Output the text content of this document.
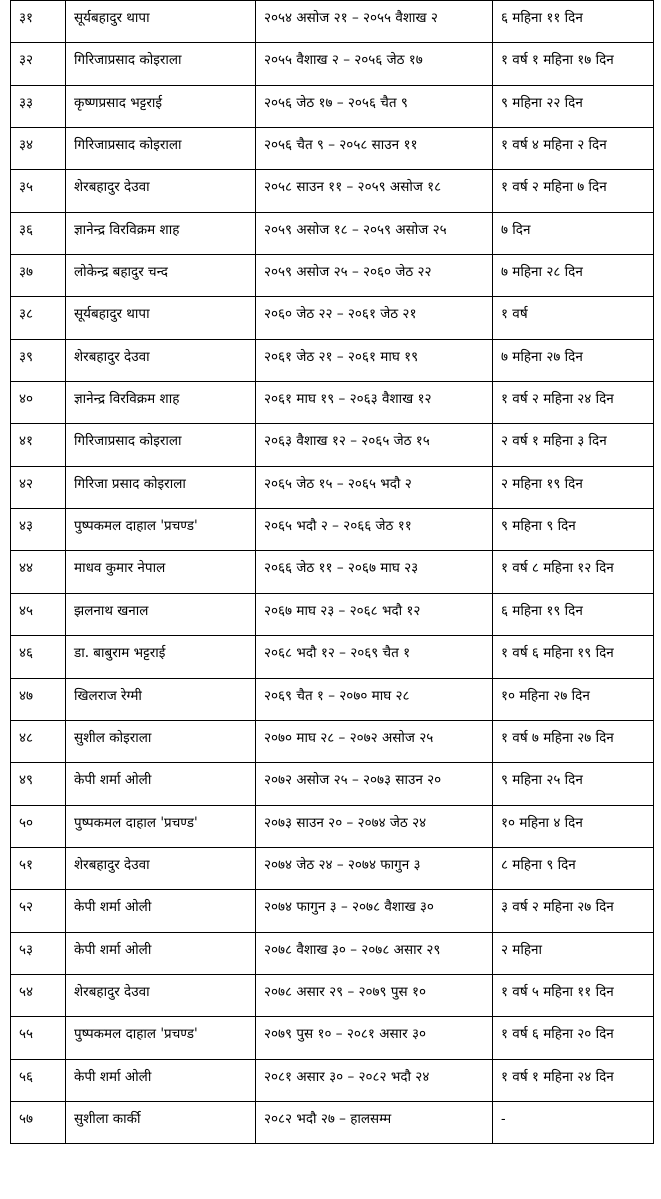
३१	सूर्यबहादुर थापा	२०५४ असोज २१ – २०५५ वैशाख २	६ महिना ११ दिन
३२	गिरिजाप्रसाद कोइराला	२०५५ वैशाख २ – २०५६ जेठ १७	१ वर्ष १ महिना १७ दिन
३३	कृष्णप्रसाद भट्टराई	२०५६ जेठ १७ – २०५६ चैत ९	९ महिना २२ दिन
३४	गिरिजाप्रसाद कोइराला	२०५६ चैत ९ – २०५८ साउन ११	१ वर्ष ४ महिना २ दिन
३५	शेरबहादुर देउवा	२०५८ साउन ११ – २०५९ असोज १८	१ वर्ष २ महिना ७ दिन
३६	ज्ञानेन्द्र विरविक्रम शाह	२०५९ असोज १८ – २०५९ असोज २५	७ दिन
३७	लोकेन्द्र बहादुर चन्द	२०५९ असोज २५ – २०६० जेठ २२	७ महिना २८ दिन
३८	सूर्यबहादुर थापा	२०६० जेठ २२ – २०६१ जेठ २१	१ वर्ष
३९	शेरबहादुर देउवा	२०६१ जेठ २१ – २०६१ माघ १९	७ महिना २७ दिन
४०	ज्ञानेन्द्र विरविक्रम शाह	२०६१ माघ १९ – २०६३ वैशाख १२	१ वर्ष २ महिना २४ दिन
४१	गिरिजाप्रसाद कोइराला	२०६३ वैशाख १२ – २०६५ जेठ १५	२ वर्ष १ महिना ३ दिन
४२	गिरिजा प्रसाद कोइराला	२०६५ जेठ १५ – २०६५ भदौ २	२ महिना १९ दिन
४३	पुष्पकमल दाहाल 'प्रचण्ड'	२०६५ भदौ २ – २०६६ जेठ ११	९ महिना ९ दिन
४४	माधव कुमार नेपाल	२०६६ जेठ ११ – २०६७ माघ २३	१ वर्ष ८ महिना १२ दिन
४५	झलनाथ खनाल	२०६७ माघ २३ – २०६८ भदौ १२	६ महिना १९ दिन
४६	डा. बाबुराम भट्टराई	२०६८ भदौ १२ – २०६९ चैत १	१ वर्ष ६ महिना १९ दिन
४७	खिलराज रेग्मी	२०६९ चैत १ – २०७० माघ २८	१० महिना २७ दिन
४८	सुशील कोइराला	२०७० माघ २८ – २०७२ असोज २५	१ वर्ष ७ महिना २७ दिन
४९	केपी शर्मा ओली	२०७२ असोज २५ – २०७३ साउन २०	९ महिना २५ दिन
५०	पुष्पकमल दाहाल 'प्रचण्ड'	२०७३ साउन २० – २०७४ जेठ २४	१० महिना ४ दिन
५१	शेरबहादुर देउवा	२०७४ जेठ २४ – २०७४ फागुन ३	८ महिना ९ दिन
५२	केपी शर्मा ओली	२०७४ फागुन ३ – २०७८ वैशाख ३०	३ वर्ष २ महिना २७ दिन
५३	केपी शर्मा ओली	२०७८ वैशाख ३० – २०७८ असार २९	२ महिना
५४	शेरबहादुर देउवा	२०७८ असार २९ – २०७९ पुस १०	१ वर्ष ५ महिना ११ दिन
५५	पुष्पकमल दाहाल 'प्रचण्ड'	२०७९ पुस १० – २०८१ असार ३०	१ वर्ष ६ महिना २० दिन
५६	केपी शर्मा ओली	२०८१ असार ३० – २०८२ भदौ २४	१ वर्ष १ महिना २४ दिन
५७	सुशीला कार्की	२०८२ भदौ २७ – हालसम्म	-
